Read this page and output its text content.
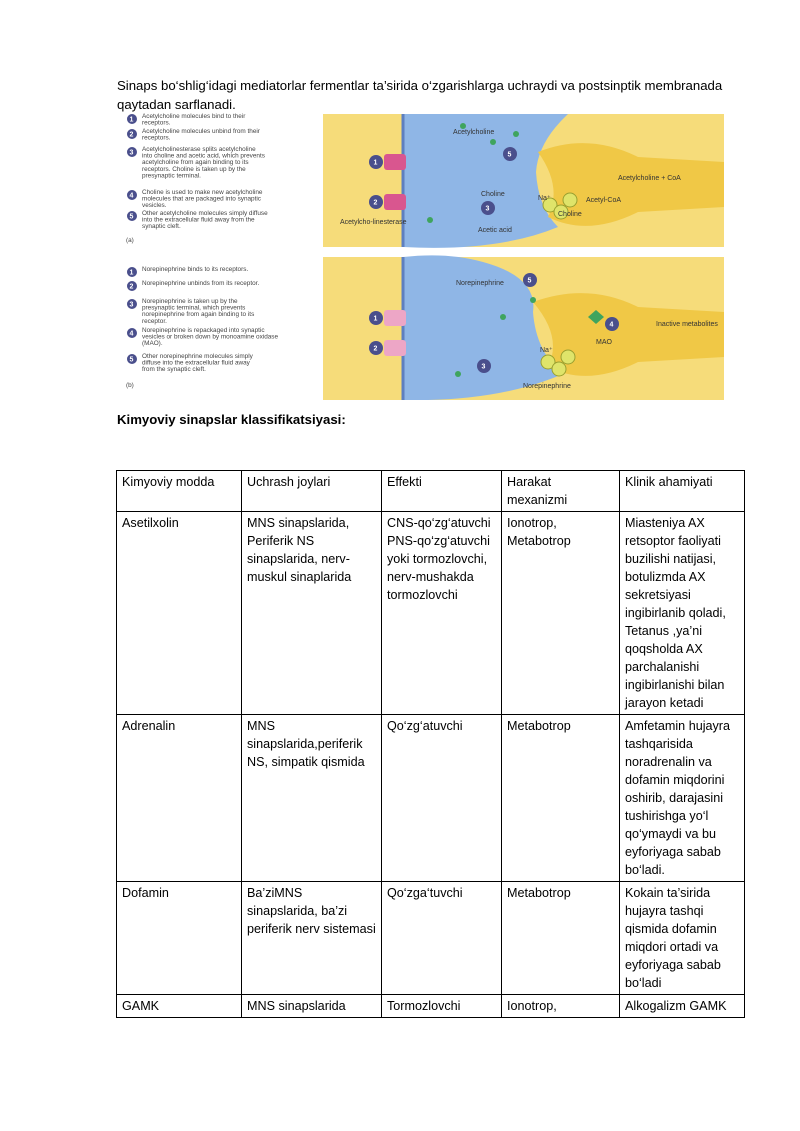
Sinaps bo‘shlig‘idagi mediatorlar fermentlar ta’sirida o‘zgarishlarga uchraydi va postsinptik membranada qaytadan sarflanadi.
1 Acetylcholine molecules bind to their receptors.
2 Acetylcholine molecules unbind from their receptors.
3 Acetylcholinesterase splits acetylcholine into choline and acetic acid, which prevents acetylcholine from again binding to its receptors. Choline is taken up by the presynaptic terminal.
4 Choline is used to make new acetylcholine molecules that are packaged into synaptic vesicles.
5 Other acetylcholine molecules simply diffuse into the extracellular fluid away from the synaptic cleft.
(a)
1
2
3
5
Acetylcholine
Choline
Acetylcho-linesterase
Acetic acid
Na⁺
Choline
Acetyl-CoA
Acetylcholine + CoA
1 Norepinephrine binds to its receptors.
2 Norepinephrine unbinds from its receptor.
3 Norepinephrine is taken up by the presynaptic terminal, which prevents norepinephrine from again binding to its receptor.
4 Norepinephrine is repackaged into synaptic vesicles or broken down by monoamine oxidase (MAO).
5 Other norepinephrine molecules simply diffuse into the extracellular fluid away from the synaptic cleft.
(b)
1
2
3
4
5
Norepinephrine
Na⁺
MAO
Inactive metabolites
Norepinephrine
Kimyoviy sinapslar klassifikatsiyasi:
Kimyoviy modda	Uchrash joylari	Effekti	Harakat mexanizmi	Klinik ahamiyati
Asetilxolin	MNS sinapslarida, Periferik NS sinapslarida, nerv-muskul sinaplarida	CNS-qo‘zg‘atuvchi PNS-qo‘zg‘atuvchi yoki tormozlovchi, nerv-mushakda tormozlovchi	Ionotrop, Metabotrop	Miasteniya AX retsoptor faoliyati buzilishi natijasi, botulizmda AX sekretsiyasi ingibirlanib qoladi, Tetanus ,ya’ni qoqsholda AX parchalanishi ingibirlanishi bilan jarayon ketadi
Adrenalin	MNS sinapslarida,periferik NS, simpatik qismida	Qo‘zg‘atuvchi	Metabotrop	Amfetamin hujayra tashqarisida noradrenalin va dofamin miqdorini oshirib, darajasini tushirishga yo‘l qo‘ymaydi va bu eyforiyaga sabab bo‘ladi.
Dofamin	Ba’ziMNS sinapslarida, ba’zi periferik nerv sistemasi	Qo‘zga‘tuvchi	Metabotrop	Kokain ta’sirida hujayra tashqi qismida dofamin miqdori ortadi va eyforiyaga sabab bo‘ladi
GAMK	MNS sinapslarida	Tormozlovchi	Ionotrop,	Alkogalizm GAMK
